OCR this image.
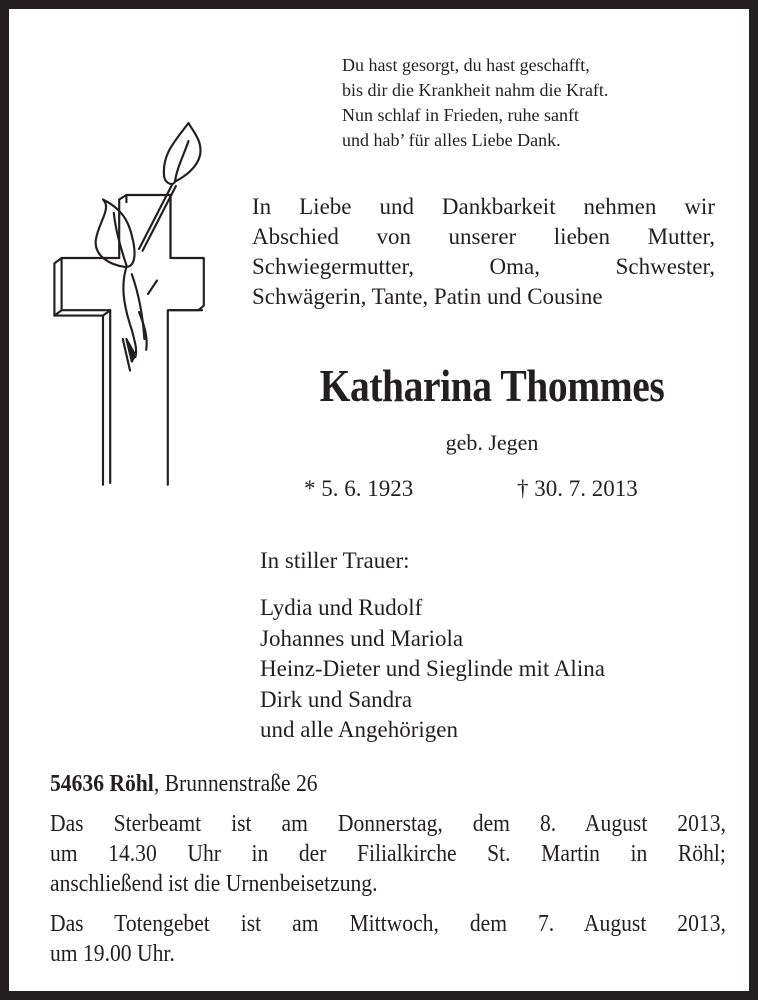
Du hast gesorgt, du hast geschafft,
bis dir die Krankheit nahm die Kraft.
Nun schlaf in Frieden, ruhe sanft
und hab’ für alles Liebe Dank.
In Liebe und Dankbarkeit nehmen wir
Abschied von unserer lieben Mutter,
Schwiegermutter, Oma, Schwester,
Schwägerin, Tante, Patin und Cousine
Katharina Thommes
geb. Jegen
* 5. 6. 1923	† 30. 7. 2013
In stiller Trauer:
Lydia und Rudolf
Johannes und Mariola
Heinz-Dieter und Sieglinde mit Alina
Dirk und Sandra
und alle Angehörigen
54636 Röhl, Brunnenstraße 26
Das Sterbeamt ist am Donnerstag, dem 8. August 2013,
um 14.30 Uhr in der Filialkirche St. Martin in Röhl;
anschließend ist die Urnenbeisetzung.
Das Totengebet ist am Mittwoch, dem 7. August 2013,
um 19.00 Uhr.
